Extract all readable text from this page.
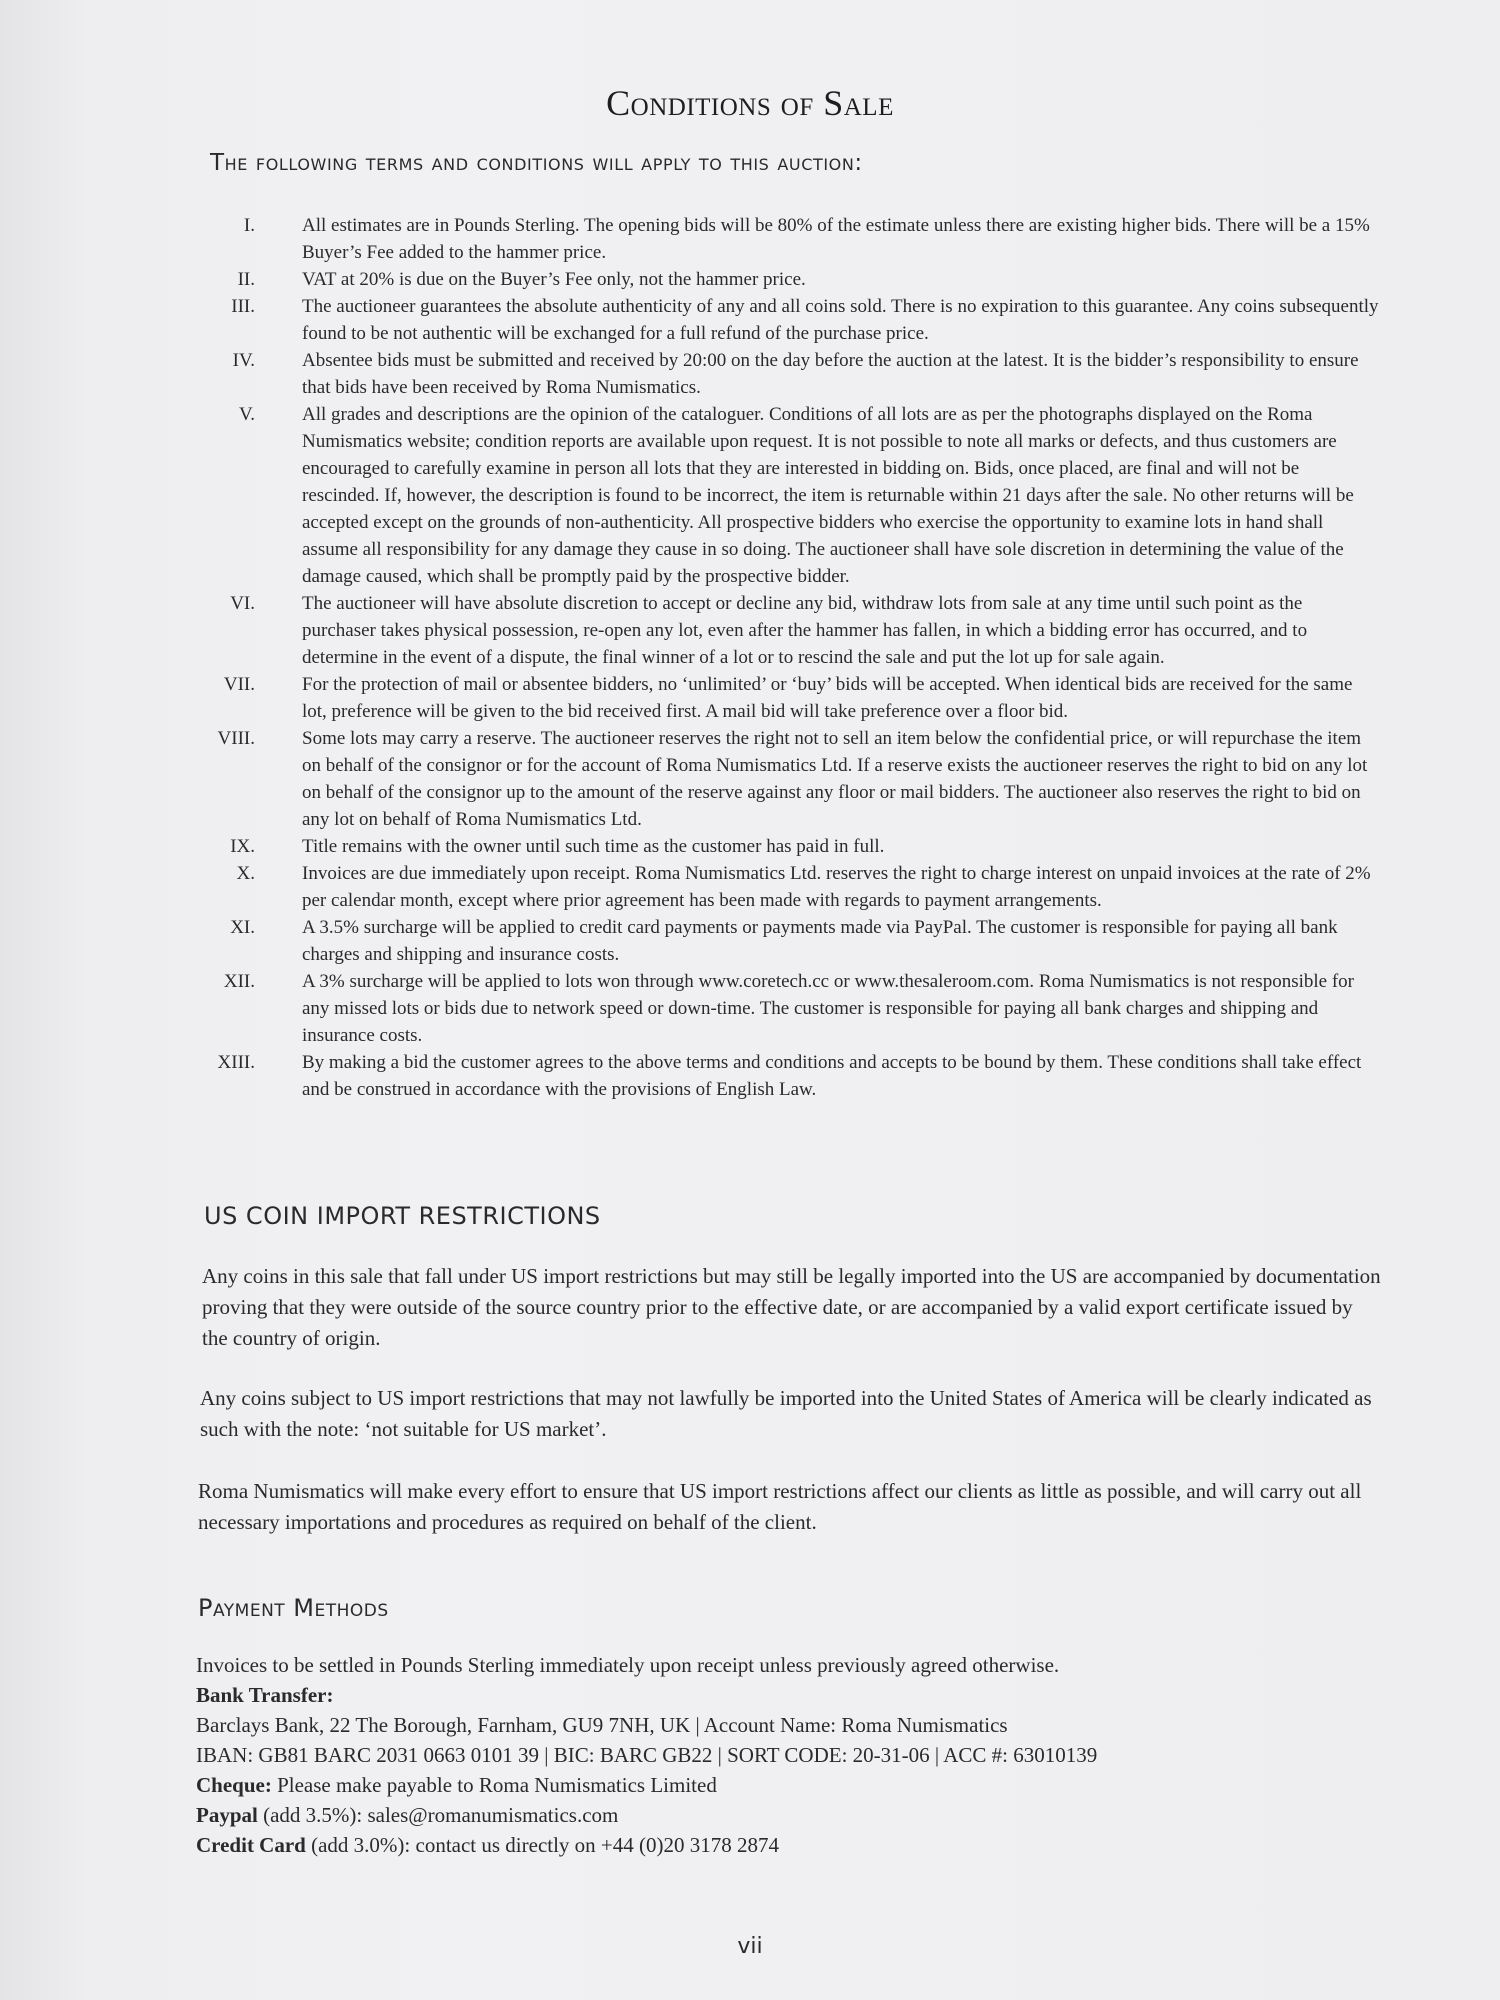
Conditions of Sale
The following terms and conditions will apply to this auction:
I. All estimates are in Pounds Sterling. The opening bids will be 80% of the estimate unless there are existing higher bids. There will be a 15% Buyer’s Fee added to the hammer price.
II. VAT at 20% is due on the Buyer’s Fee only, not the hammer price.
III. The auctioneer guarantees the absolute authenticity of any and all coins sold. There is no expiration to this guarantee. Any coins subsequently found to be not authentic will be exchanged for a full refund of the purchase price.
IV. Absentee bids must be submitted and received by 20:00 on the day before the auction at the latest. It is the bidder’s responsibility to ensure that bids have been received by Roma Numismatics.
V. All grades and descriptions are the opinion of the cataloguer. Conditions of all lots are as per the photographs displayed on the Roma Numismatics website; condition reports are available upon request. It is not possible to note all marks or defects, and thus customers are encouraged to carefully examine in person all lots that they are interested in bidding on. Bids, once placed, are final and will not be rescinded. If, however, the description is found to be incorrect, the item is returnable within 21 days after the sale. No other returns will be accepted except on the grounds of non-authenticity. All prospective bidders who exercise the opportunity to examine lots in hand shall assume all responsibility for any damage they cause in so doing. The auctioneer shall have sole discretion in determining the value of the damage caused, which shall be promptly paid by the prospective bidder.
VI. The auctioneer will have absolute discretion to accept or decline any bid, withdraw lots from sale at any time until such point as the purchaser takes physical possession, re-open any lot, even after the hammer has fallen, in which a bidding error has occurred, and to determine in the event of a dispute, the final winner of a lot or to rescind the sale and put the lot up for sale again.
VII. For the protection of mail or absentee bidders, no ‘unlimited’ or ‘buy’ bids will be accepted. When identical bids are received for the same lot, preference will be given to the bid received first. A mail bid will take preference over a floor bid.
VIII. Some lots may carry a reserve. The auctioneer reserves the right not to sell an item below the confidential price, or will repurchase the item on behalf of the consignor or for the account of Roma Numismatics Ltd. If a reserve exists the auctioneer reserves the right to bid on any lot on behalf of the consignor up to the amount of the reserve against any floor or mail bidders. The auctioneer also reserves the right to bid on any lot on behalf of Roma Numismatics Ltd.
IX. Title remains with the owner until such time as the customer has paid in full.
X. Invoices are due immediately upon receipt. Roma Numismatics Ltd. reserves the right to charge interest on unpaid invoices at the rate of 2% per calendar month, except where prior agreement has been made with regards to payment arrangements.
XI. A 3.5% surcharge will be applied to credit card payments or payments made via PayPal. The customer is responsible for paying all bank charges and shipping and insurance costs.
XII. A 3% surcharge will be applied to lots won through www.coretech.cc or www.thesaleroom.com. Roma Numismatics is not responsible for any missed lots or bids due to network speed or down-time. The customer is responsible for paying all bank charges and shipping and insurance costs.
XIII. By making a bid the customer agrees to the above terms and conditions and accepts to be bound by them. These conditions shall take effect and be construed in accordance with the provisions of English Law.
US COIN IMPORT RESTRICTIONS

Any coins in this sale that fall under US import restrictions but may still be legally imported into the US are accompanied by documentation proving that they were outside of the source country prior to the effective date, or are accompanied by a valid export certificate issued by the country of origin.

Any coins subject to US import restrictions that may not lawfully be imported into the United States of America will be clearly indicated as such with the note: ‘not suitable for US market’.

Roma Numismatics will make every effort to ensure that US import restrictions affect our clients as little as possible, and will carry out all necessary importations and procedures as required on behalf of the client.

Payment Methods
Invoices to be settled in Pounds Sterling immediately upon receipt unless previously agreed otherwise.
Bank Transfer:
Barclays Bank, 22 The Borough, Farnham, GU9 7NH, UK | Account Name: Roma Numismatics
IBAN: GB81 BARC 2031 0663 0101 39 | BIC: BARC GB22 | SORT CODE: 20-31-06 | ACC #: 63010139
Cheque: Please make payable to Roma Numismatics Limited
Paypal (add 3.5%): sales@romanumismatics.com
Credit Card (add 3.0%): contact us directly on +44 (0)20 3178 2874
vii
